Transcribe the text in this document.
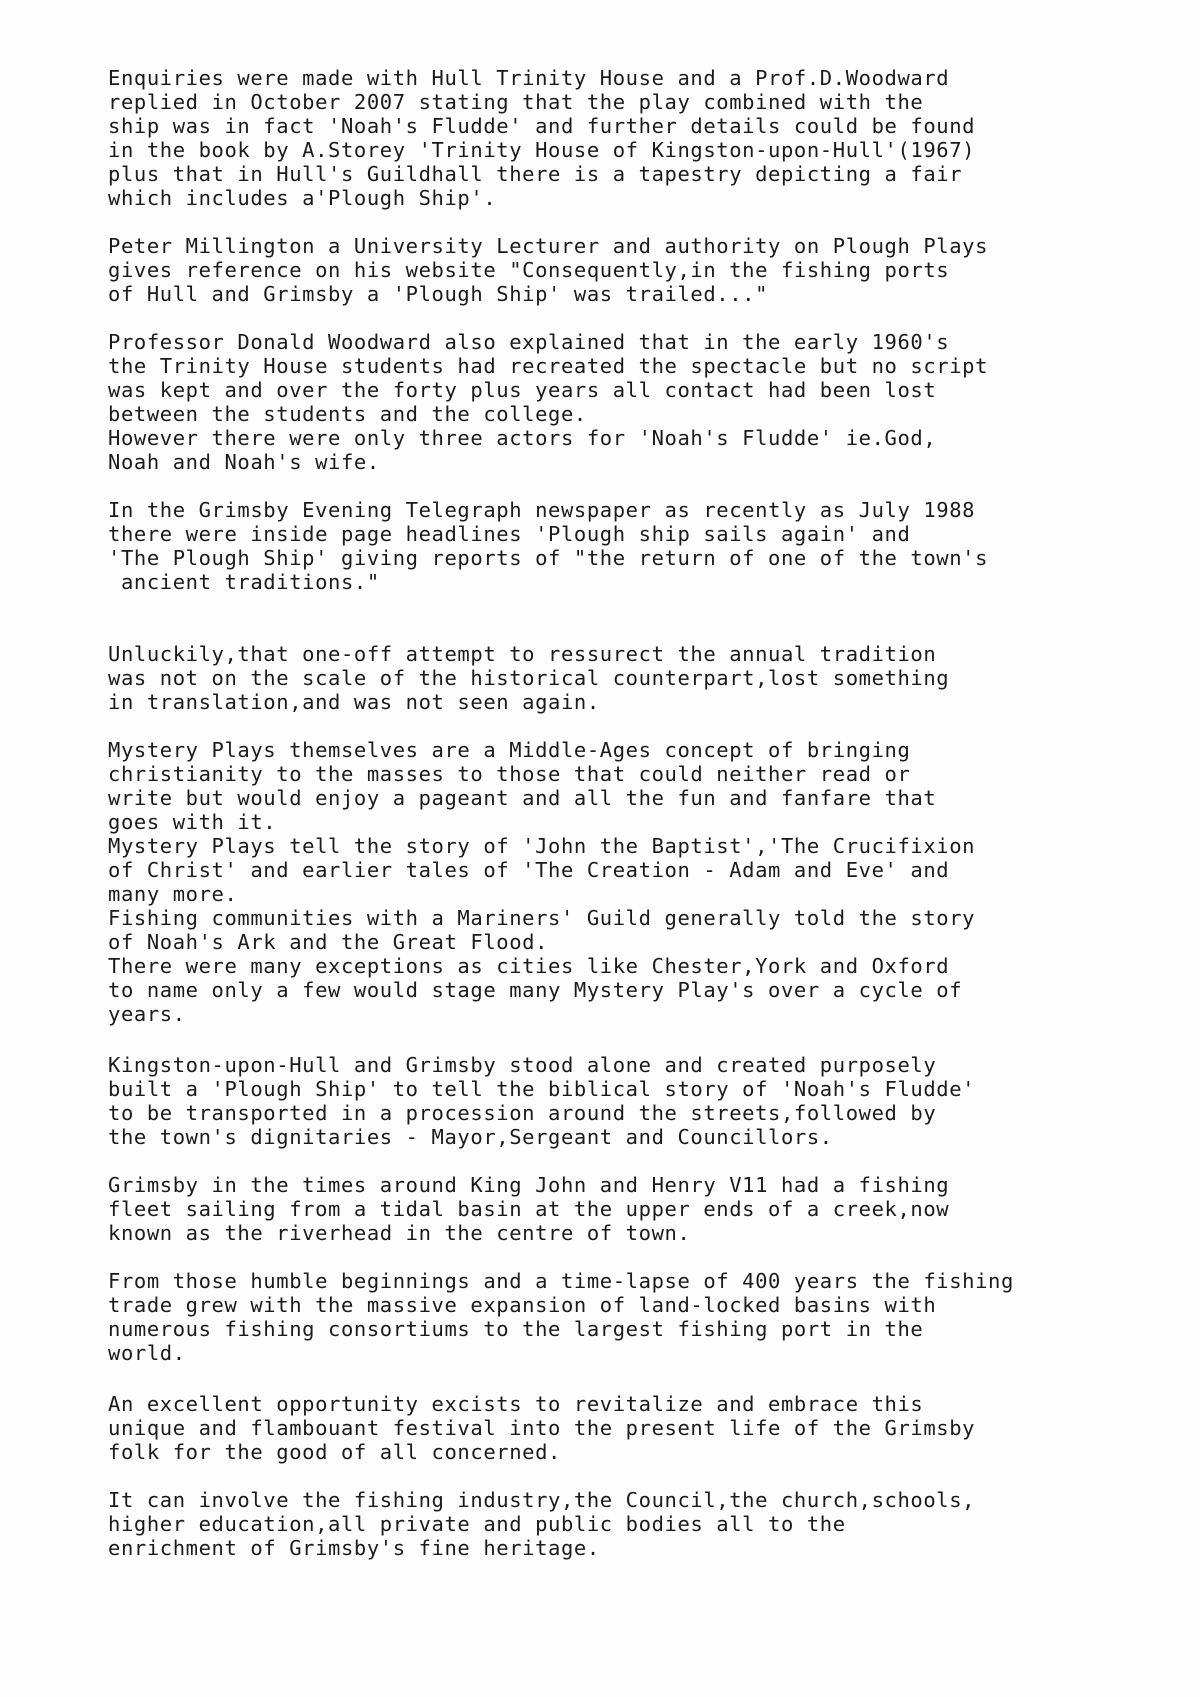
Enquiries were made with Hull Trinity House and a Prof.D.Woodward
replied in October 2007 stating that the play combined with the
ship was in fact 'Noah's Fludde' and further details could be found
in the book by A.Storey 'Trinity House of Kingston-upon-Hull'(1967)
plus that in Hull's Guildhall there is a tapestry depicting a fair
which includes a'Plough Ship'.

Peter Millington a University Lecturer and authority on Plough Plays
gives reference on his website "Consequently,in the fishing ports
of Hull and Grimsby a 'Plough Ship' was trailed..."

Professor Donald Woodward also explained that in the early 1960's
the Trinity House students had recreated the spectacle but no script
was kept and over the forty plus years all contact had been lost
between the students and the college.
However there were only three actors for 'Noah's Fludde' ie.God,
Noah and Noah's wife.

In the Grimsby Evening Telegraph newspaper as recently as July 1988
there were inside page headlines 'Plough ship sails again' and
'The Plough Ship' giving reports of "the return of one of the town's
ancient traditions."

Unluckily,that one-off attempt to ressurect the annual tradition
was not on the scale of the historical counterpart,lost something
in translation,and was not seen again.

Mystery Plays themselves are a Middle-Ages concept of bringing
christianity to the masses to those that could neither read or
write but would enjoy a pageant and all the fun and fanfare that
goes with it.
Mystery Plays tell the story of 'John the Baptist','The Crucifixion
of Christ' and earlier tales of 'The Creation - Adam and Eve' and
many more.
Fishing communities with a Mariners' Guild generally told the story
of Noah's Ark and the Great Flood.
There were many exceptions as cities like Chester,York and Oxford
to name only a few would stage many Mystery Play's over a cycle of
years.

Kingston-upon-Hull and Grimsby stood alone and created purposely
built a 'Plough Ship' to tell the biblical story of 'Noah's Fludde'
to be transported in a procession around the streets,followed by
the town's dignitaries - Mayor,Sergeant and Councillors.

Grimsby in the times around King John and Henry V11 had a fishing
fleet sailing from a tidal basin at the upper ends of a creek,now
known as the riverhead in the centre of town.

From those humble beginnings and a time-lapse of 400 years the fishing
trade grew with the massive expansion of land-locked basins with
numerous fishing consortiums to the largest fishing port in the
world.

An excellent opportunity excists to revitalize and embrace this
unique and flambouant festival into the present life of the Grimsby
folk for the good of all concerned.

It can involve the fishing industry,the Council,the church,schools,
higher education,all private and public bodies all to the
enrichment of Grimsby's fine heritage.
